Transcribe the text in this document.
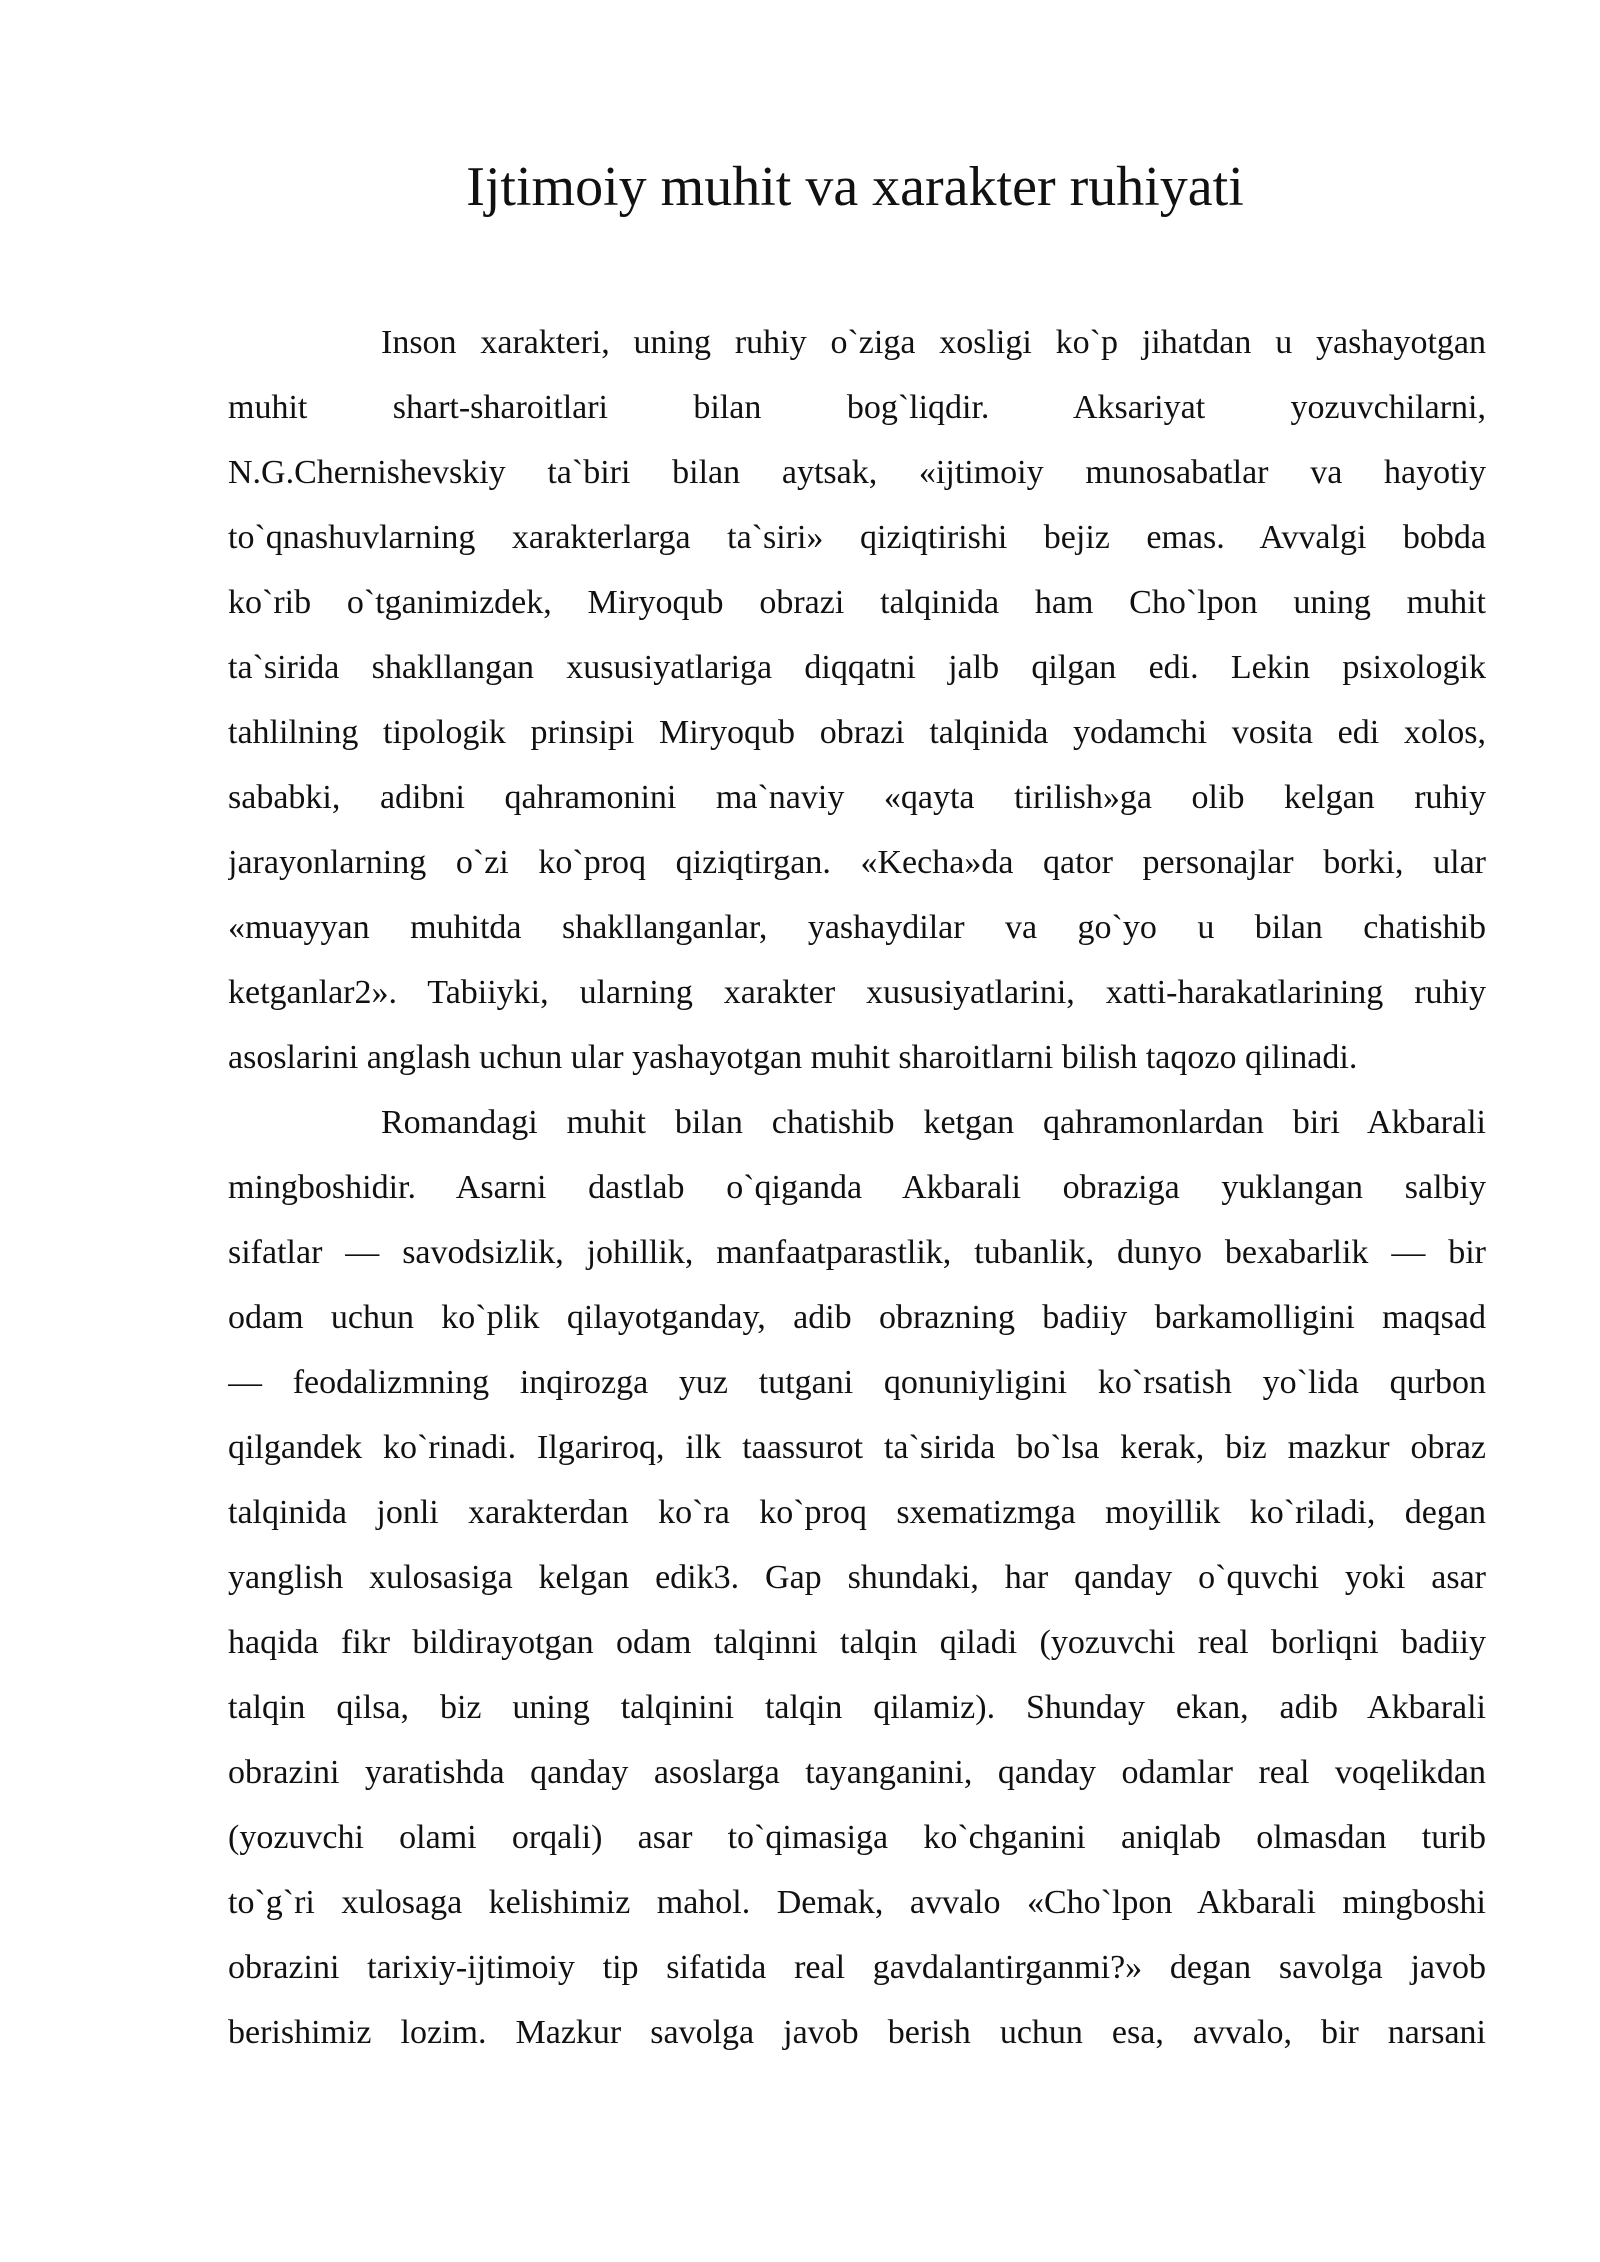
Ijtimoiy muhit va xarakter ruhiyati
Inson xarakteri, uning ruhiy o`ziga xosligi ko`p jihatdan u yashayotgan
muhit shart-sharoitlari bilan bog`liqdir. Aksariyat yozuvchilarni,
N.G.Chernishevskiy ta`biri bilan aytsak, «ijtimoiy munosabatlar va hayotiy
to`qnashuvlarning xarakterlarga ta`siri» qiziqtirishi bejiz emas. Avvalgi bobda
ko`rib o`tganimizdek, Miryoqub obrazi talqinida ham Cho`lpon uning muhit
ta`sirida shakllangan xususiyatlariga diqqatni jalb qilgan edi. Lekin psixologik
tahlilning tipologik prinsipi Miryoqub obrazi talqinida yodamchi vosita edi xolos,
sababki, adibni qahramonini ma`naviy «qayta tirilish»ga olib kelgan ruhiy
jarayonlarning o`zi ko`proq qiziqtirgan. «Kecha»da qator personajlar borki, ular
«muayyan muhitda shakllanganlar, yashaydilar va go`yo u bilan chatishib
ketganlar2». Tabiiyki, ularning xarakter xususiyatlarini, xatti-harakatlarining ruhiy
asoslarini anglash uchun ular yashayotgan muhit sharoitlarni bilish taqozo qilinadi.
Romandagi muhit bilan chatishib ketgan qahramonlardan biri Akbarali
mingboshidir. Asarni dastlab o`qiganda Akbarali obraziga yuklangan salbiy
sifatlar — savodsizlik, johillik, manfaatparastlik, tubanlik, dunyo bexabarlik — bir
odam uchun ko`plik qilayotganday, adib obrazning badiiy barkamolligini maqsad
— feodalizmning inqirozga yuz tutgani qonuniyligini ko`rsatish yo`lida qurbon
qilgandek ko`rinadi. Ilgariroq, ilk taassurot ta`sirida bo`lsa kerak, biz mazkur obraz
talqinida jonli xarakterdan ko`ra ko`proq sxematizmga moyillik ko`riladi, degan
yanglish xulosasiga kelgan edik3. Gap shundaki, har qanday o`quvchi yoki asar
haqida fikr bildirayotgan odam talqinni talqin qiladi (yozuvchi real borliqni badiiy
talqin qilsa, biz uning talqinini talqin qilamiz). Shunday ekan, adib Akbarali
obrazini yaratishda qanday asoslarga tayanganini, qanday odamlar real voqelikdan
(yozuvchi olami orqali) asar to`qimasiga ko`chganini aniqlab olmasdan turib
to`g`ri xulosaga kelishimiz mahol. Demak, avvalo «Cho`lpon Akbarali mingboshi
obrazini tarixiy-ijtimoiy tip sifatida real gavdalantirganmi?» degan savolga javob
berishimiz lozim. Mazkur savolga javob berish uchun esa, avvalo, bir narsani
